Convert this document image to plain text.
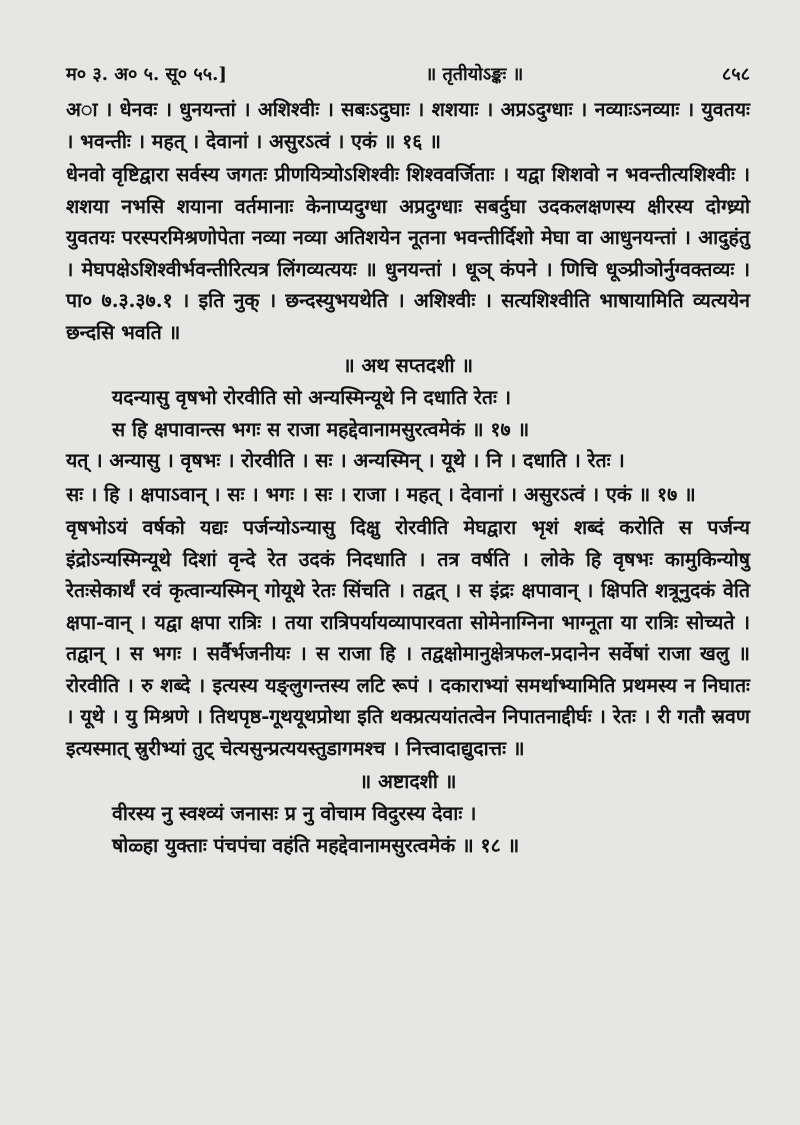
म० ३. अ० ५. सू० ५५.]	॥ तृतीयोऽङ्कः ॥	८५८

अा । धेनवः । धुनयन्तां । अशिश्वीः । सबःऽदुघाः । शशयाः । अप्रऽदुग्धाः । नव्याःऽनव्याः । युवतयः । भवन्तीः । महत् । देवानां । असुरऽत्वं । एकं ॥ १६ ॥

धेनवो वृष्टिद्वारा सर्वस्य जगतः प्रीणयित्र्योऽशिश्वीः शिश्ववर्जिताः । यद्वा शिशवो न भवन्तीत्यशिश्वीः । शशया नभसि शयाना वर्तमानाः केनाप्यदुग्धा अप्रदुग्धाः सबर्दुघा उदकलक्षणस्य क्षीरस्य दोग्ध्र्यो युवतयः परस्परमिश्रणोपेता नव्या नव्या अतिशयेन नूतना भवन्तीर्दिशो मेघा वा आधुनयन्तां । आदुहंतु । मेघपक्षेऽशिश्वीर्भवन्तीरित्यत्र लिंगव्यत्ययः ॥ धुनयन्तां । धूञ् कंपने । णिचि धूञ्प्रीञोर्नुग्वक्तव्यः । पा० ७.३.३७.१ । इति नुक् । छन्दस्युभयथेति । अशिश्वीः । सत्यशिश्वीति भाषायामिति व्यत्ययेन छन्दसि भवति ॥

॥ अथ सप्तदशी ॥

यदन्यासु वृषभो रोरवीति सो अन्यस्मिन्यूथे नि दधाति रेतः ।

स हि क्षपावान्त्स भगः स राजा महद्देवानामसुरत्वमेकं ॥ १७ ॥

यत् । अन्यासु । वृषभः । रोरवीति । सः । अन्यस्मिन् । यूथे । नि । दधाति । रेतः ।

सः । हि । क्षपाऽवान् । सः । भगः । सः । राजा । महत् । देवानां । असुरऽत्वं । एकं ॥ १७ ॥

वृषभोऽयं वर्षको यद्यः पर्जन्योऽन्यासु दिक्षु रोरवीति मेघद्वारा भृशं शब्दं करोति स पर्जन्य इंद्रोऽन्यस्मिन्यूथे दिशां वृन्दे रेत उदकं निदधाति । तत्र वर्षति । लोके हि वृषभः कामुकिन्योषु रेतःसेकार्थं रवं कृत्वान्यस्मिन् गोयूथे रेतः सिंचति । तद्वत् । स इंद्रः क्षपावान् । क्षिपति शत्रूनुदकं वेति क्षपा-वान् । यद्वा क्षपा रात्रिः । तया रात्रिपर्यायव्यापारवता सोमेनाग्निना भाग्नूता या रात्रिः सोच्यते । तद्वान् । स भगः । सर्वैर्भजनीयः । स राजा हि । तद्वक्षोमानुक्षेत्रफल-प्रदानेन सर्वेषां राजा खलु ॥ रोरवीति । रु शब्दे । इत्यस्य यङ्लुगन्तस्य लटि रूपं । दकाराभ्यां समर्थाभ्यामिति प्रथमस्य न निघातः । यूथे । यु मिश्रणे । तिथपृष्ठ-गूथयूथप्रोथा इति थक्प्रत्ययांतत्वेन निपातनाद्दीर्घः । रेतः । री गतौ स्रवण इत्यस्मात् स्रुरीभ्यां तुट् चेत्यसुन्प्रत्ययस्तुडागमश्च । नित्त्वादाद्युदात्तः ॥

॥ अष्टादशी ॥

वीरस्य नु स्वश्व्यं जनासः प्र नु वोचाम विदुरस्य देवाः ।

षोळ्हा युक्ताः पंचपंचा वहंति महद्देवानामसुरत्वमेकं ॥ १८ ॥
